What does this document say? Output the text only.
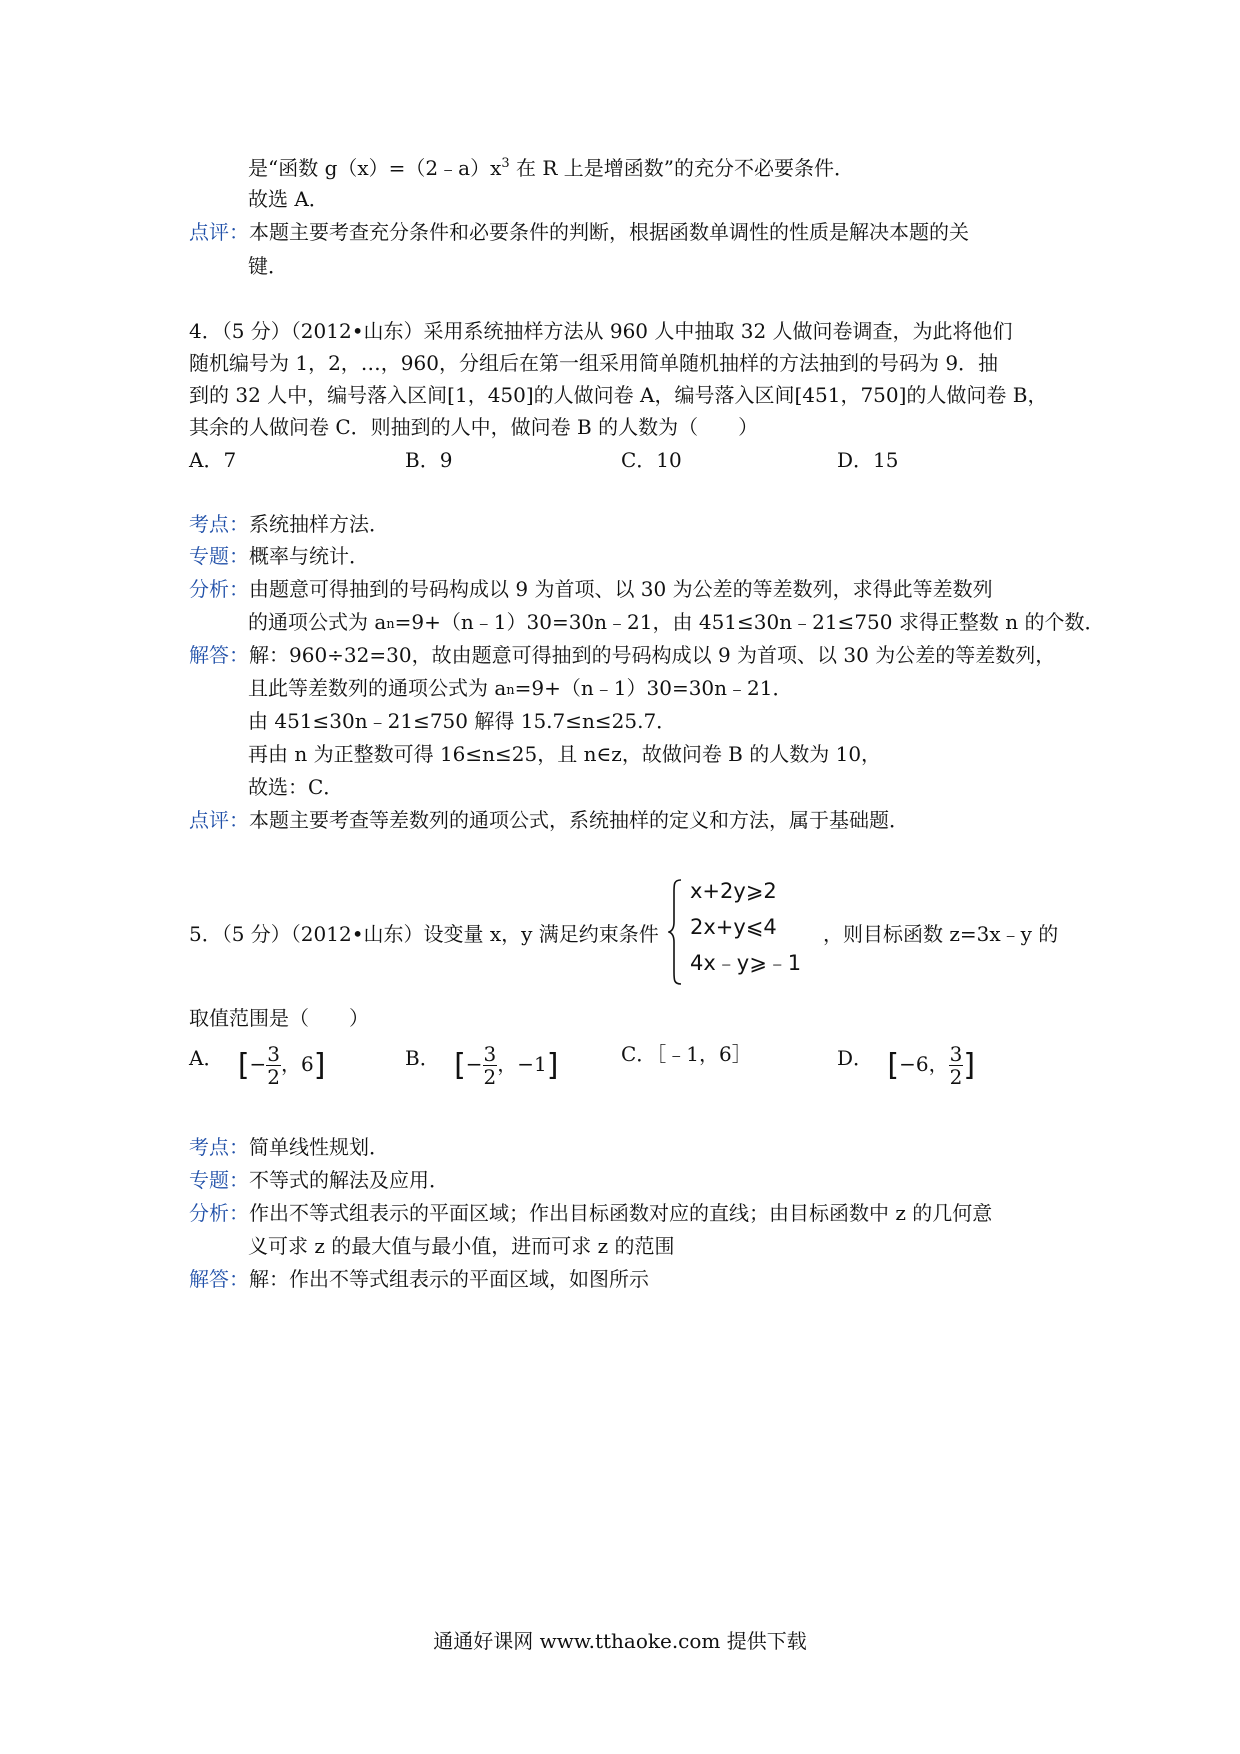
是“函数 $g(x)=(2﹣a)x^3$ 在 R 上是增函数”的充分不必要条件．
故选 A．
点评：本题主要考查充分条件和必要条件的判断，根据函数单调性的性质是解决本题的关
键．
4．（5 分）（2012•山东）采用系统抽样方法从 960 人中抽取 32 人做问卷调查，为此将他们
随机编号为 1，2，…，960，分组后在第一组采用简单随机抽样的方法抽到的号码为 9．抽
到的 32 人中，编号落入区间[1，450]的人做问卷 A，编号落入区间[451，750]的人做问卷 B，
其余的人做问卷 C．则抽到的人中，做问卷 B 的人数为（　　）
A．7	B．9	C．10	D．15
考点：系统抽样方法．
专题：概率与统计．
分析：由题意可得抽到的号码构成以 9 为首项、以 30 为公差的等差数列，求得此等差数列
的通项公式为 $a_n=9+(n﹣1)30=30n﹣21$，由 451≤30n﹣21≤750 求得正整数 n 的个数．
解答：解：960÷32=30，故由题意可得抽到的号码构成以 9 为首项、以 30 为公差的等差数列，
且此等差数列的通项公式为 $a_n=9+(n﹣1)30=30n﹣21$．
由 451≤30n﹣21≤750 解得 15.7≤n≤25.7．
再由 n 为正整数可得 16≤n≤25，且 n∈z，故做问卷 B 的人数为 10，
故选：C．
点评：本题主要考查等差数列的通项公式，系统抽样的定义和方法，属于基础题．
5．（5 分）（2012•山东）设变量 x，y 满足约束条件
x+2y⩾2
2x+y⩽4
4x﹣y⩾﹣1
，则目标函数 z=3x﹣y 的
取值范围是（　　）
A． [− $\frac{3}{2}$ ，6]	B． [− $\frac{3}{2}$ ，−1]	C．［﹣1，6］	D． [−6， $\frac{3}{2}$ ]
考点：简单线性规划．
专题：不等式的解法及应用．
分析：作出不等式组表示的平面区域；作出目标函数对应的直线；由目标函数中 z 的几何意
义可求 z 的最大值与最小值，进而可求 z 的范围
解答：解：作出不等式组表示的平面区域，如图所示
通通好课网 www.tthaoke.com 提供下载
